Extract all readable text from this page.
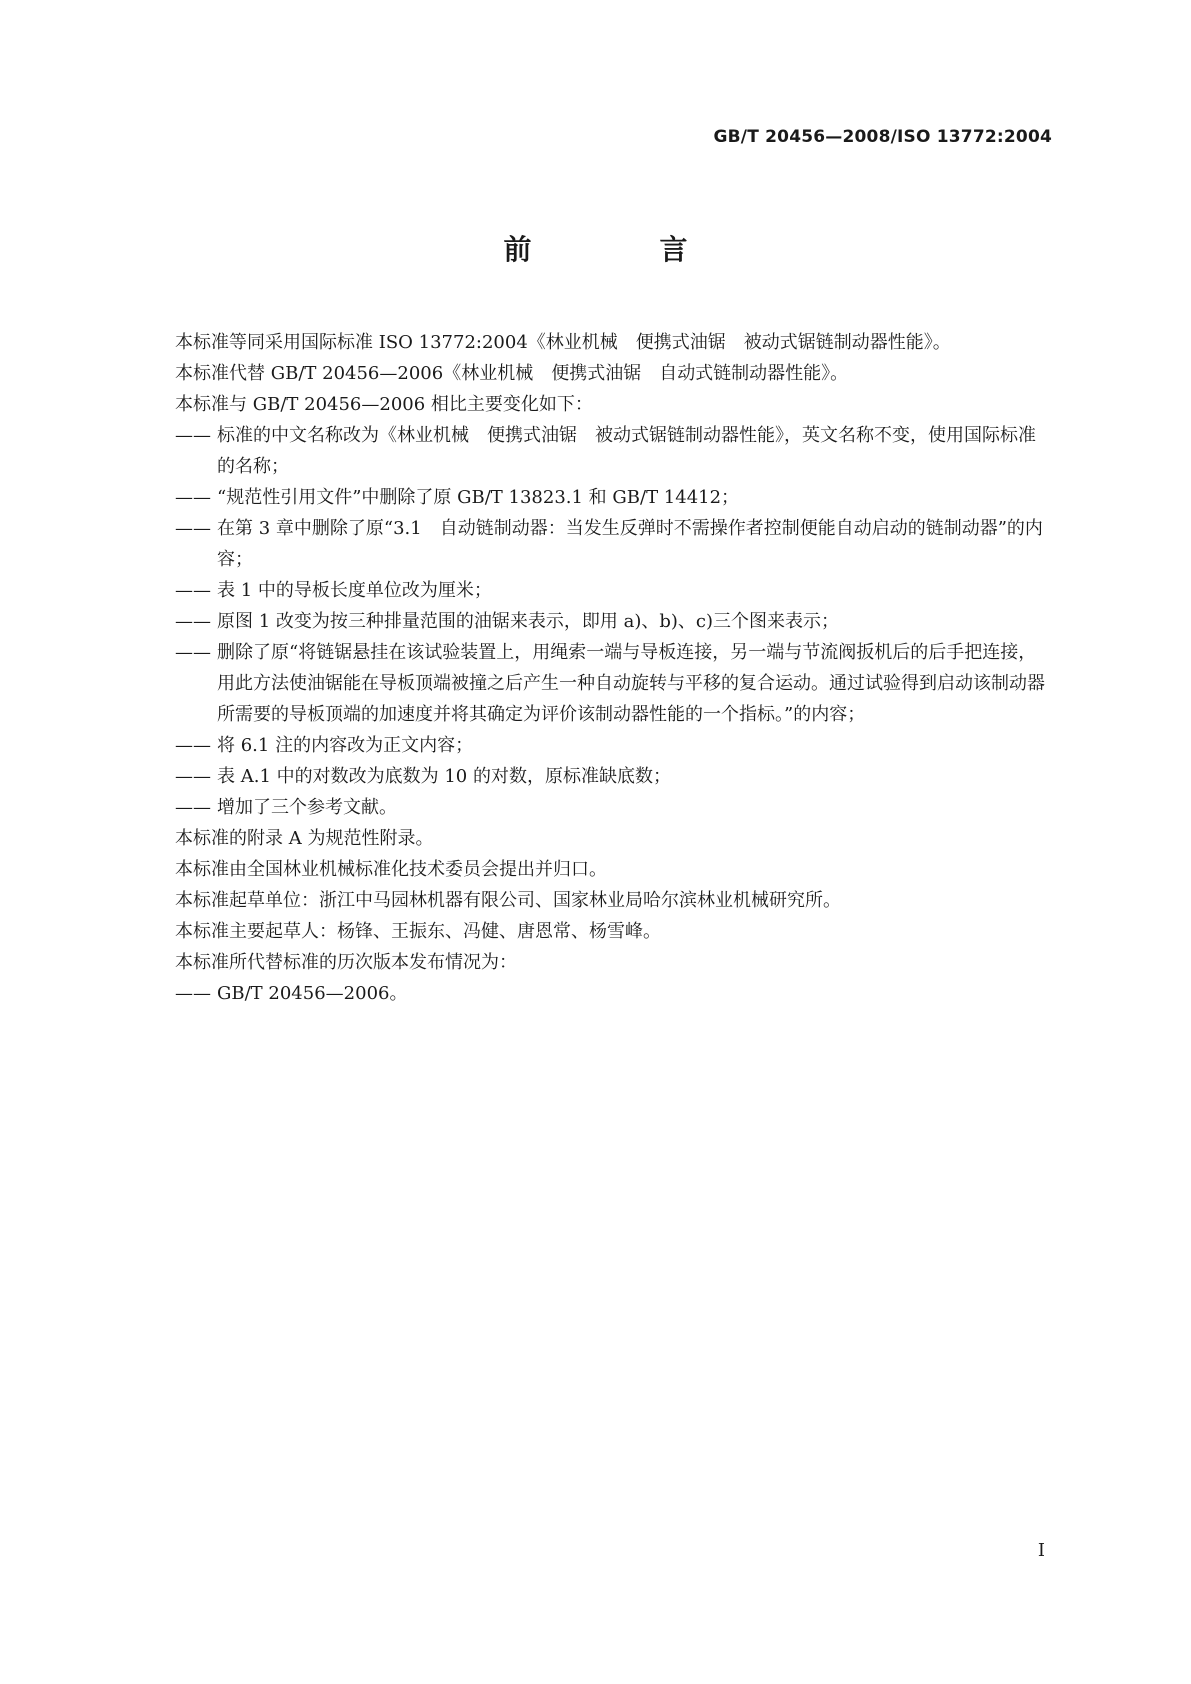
GB/T 20456—2008/ISO 13772:2004
前　言

本标准等同采用国际标准 ISO 13772:2004《林业机械　便携式油锯　被动式锯链制动器性能》。

本标准代替 GB/T 20456—2006《林业机械　便携式油锯　自动式链制动器性能》。

本标准与 GB/T 20456—2006 相比主要变化如下：

—— 标准的中文名称改为《林业机械　便携式油锯　被动式锯链制动器性能》，英文名称不变，使用国际标准的名称；

—— “规范性引用文件”中删除了原 GB/T 13823.1 和 GB/T 14412；

—— 在第 3 章中删除了原“3.1　自动链制动器：当发生反弹时不需操作者控制便能自动启动的链制动器”的内容；

—— 表 1 中的导板长度单位改为厘米；

—— 原图 1 改变为按三种排量范围的油锯来表示，即用 a)、b)、c)三个图来表示；

—— 删除了原“将链锯悬挂在该试验装置上，用绳索一端与导板连接，另一端与节流阀扳机后的后手把连接，用此方法使油锯能在导板顶端被撞之后产生一种自动旋转与平移的复合运动。通过试验得到启动该制动器所需要的导板顶端的加速度并将其确定为评价该制动器性能的一个指标。”的内容；

—— 将 6.1 注的内容改为正文内容；

—— 表 A.1 中的对数改为底数为 10 的对数，原标准缺底数；

—— 增加了三个参考文献。

本标准的附录 A 为规范性附录。

本标准由全国林业机械标准化技术委员会提出并归口。

本标准起草单位：浙江中马园林机器有限公司、国家林业局哈尔滨林业机械研究所。

本标准主要起草人：杨锋、王振东、冯健、唐恩常、杨雪峰。

本标准所代替标准的历次版本发布情况为：

—— GB/T 20456—2006。

I
